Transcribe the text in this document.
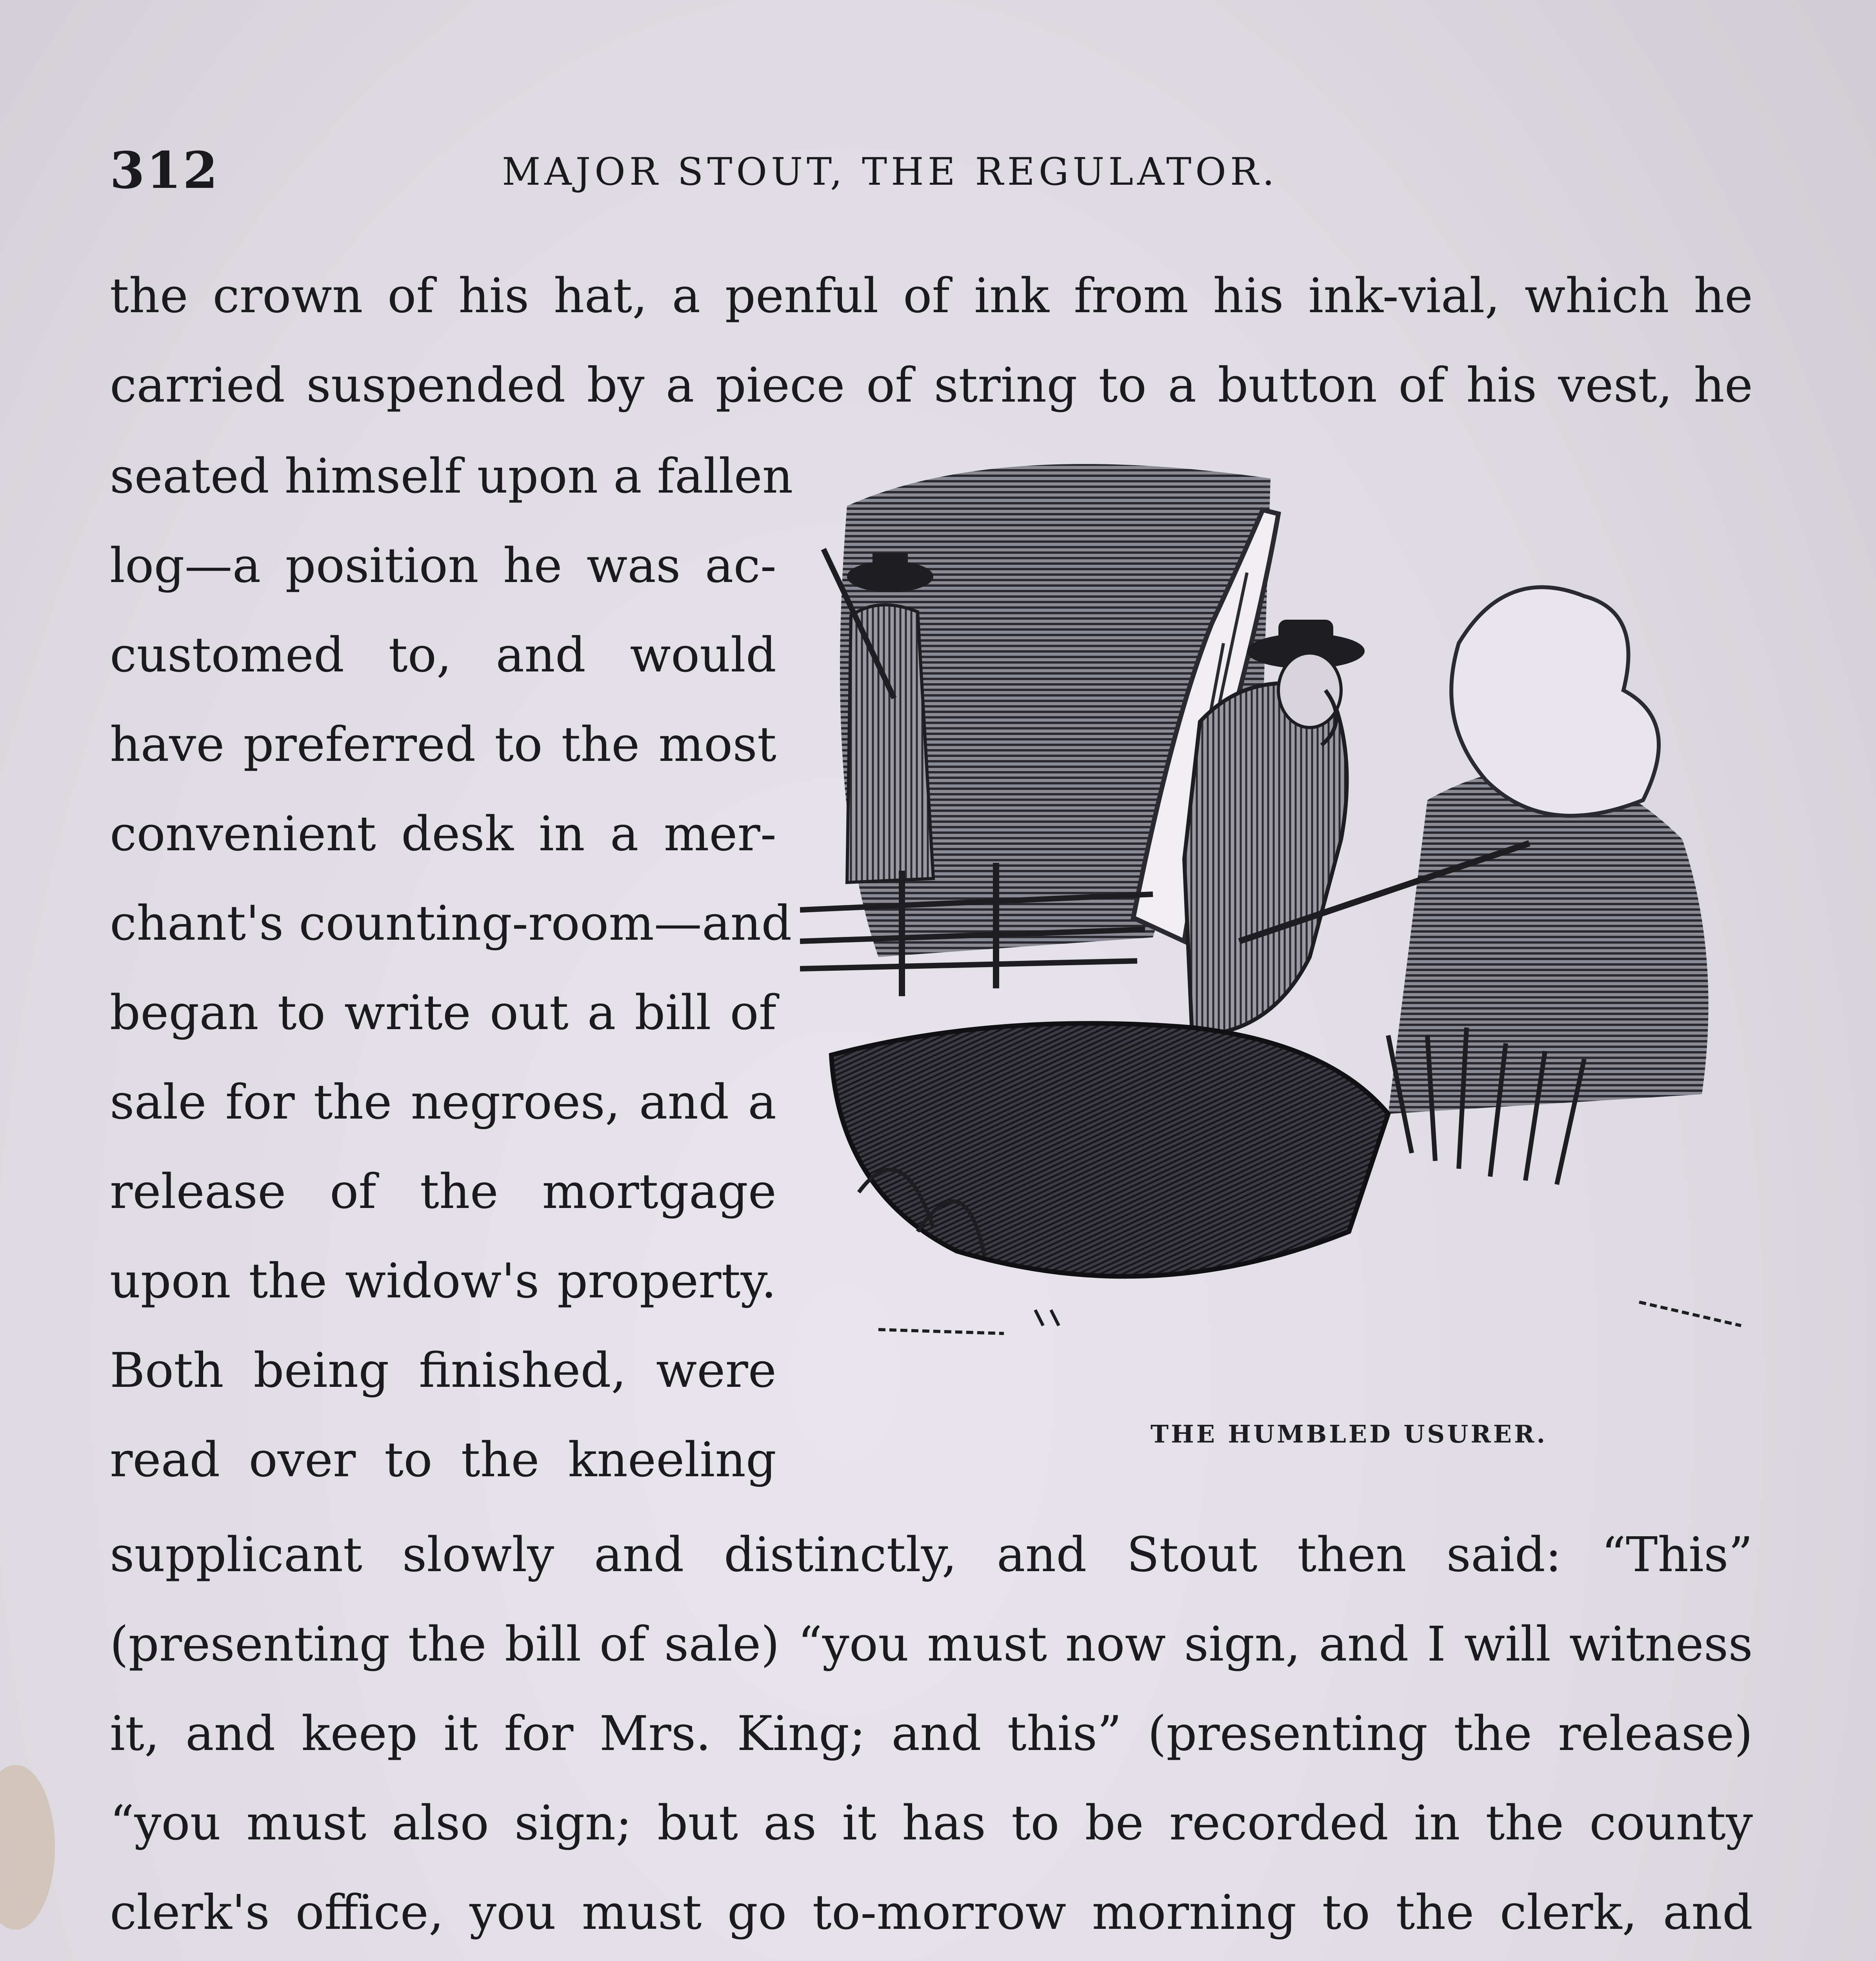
312	MAJOR STOUT, THE REGULATOR.
the crown of his hat, a penful of ink from his ink-vial, which he
carried suspended by a piece of string to a button of his vest, he
seated himself upon a fallen
log—a position he was ac-
customed to, and would
have preferred to the most
convenient desk in a mer-
chant's counting-room—and
began to write out a bill of
sale for the negroes, and a
release of the mortgage
upon the widow's property.
Both being finished, were
read over to the kneeling	THE HUMBLED USURER.
supplicant slowly and distinctly, and Stout then said: “This”
(presenting the bill of sale) “you must now sign, and I will witness
it, and keep it for Mrs. King; and this” (presenting the release)
“you must also sign; but as it has to be recorded in the county
clerk's office, you must go to-morrow morning to the clerk, and
